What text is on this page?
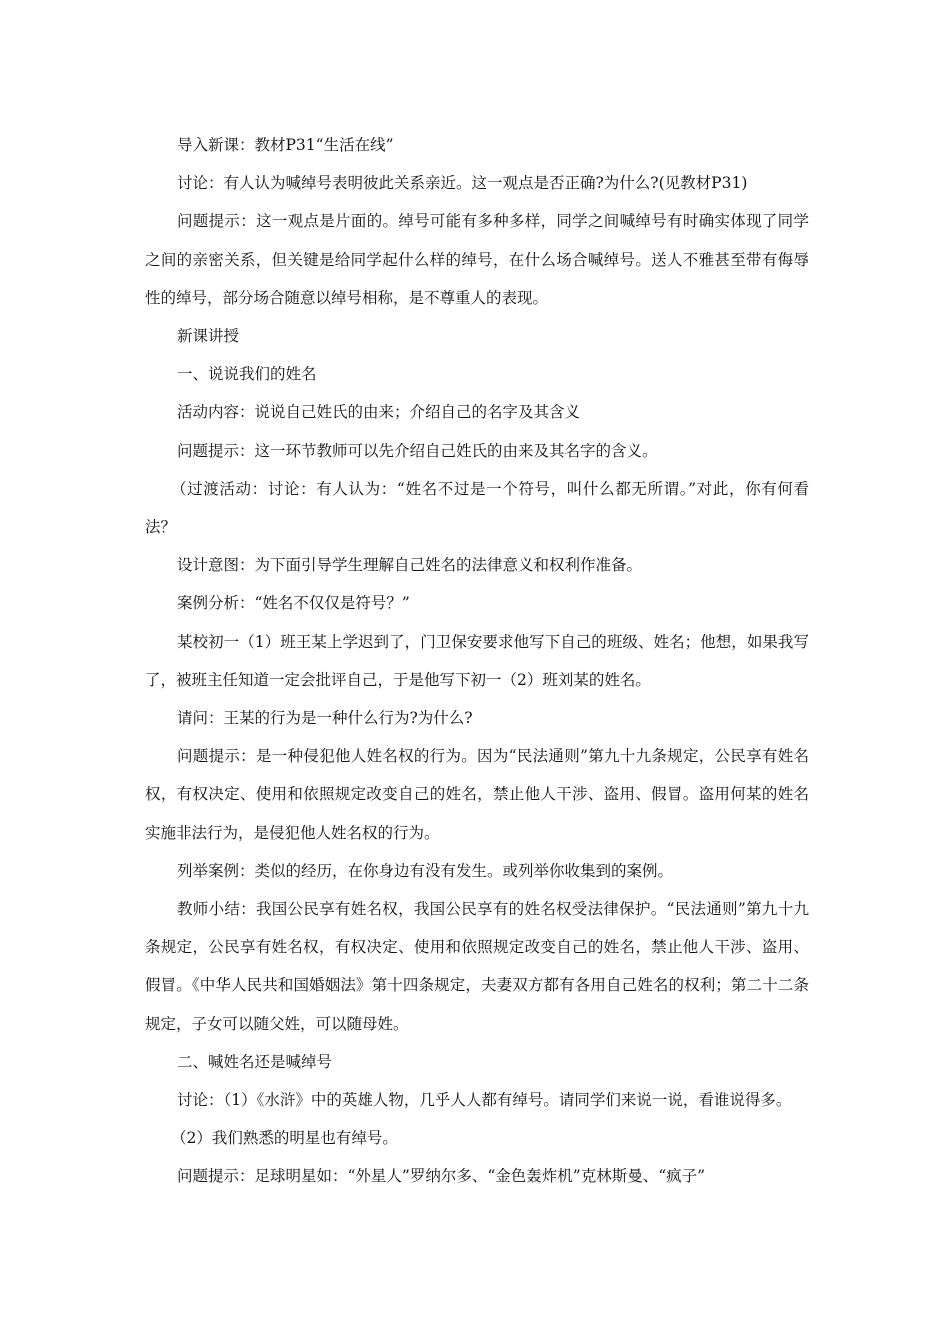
导入新课：教材P31“生活在线”

讨论：有人认为喊绰号表明彼此关系亲近。这一观点是否正确?为什么?(见教材P31)

问题提示：这一观点是片面的。绰号可能有多种多样，同学之间喊绰号有时确实体现了同学之间的亲密关系，但关键是给同学起什么样的绰号，在什么场合喊绰号。送人不雅甚至带有侮辱性的绰号，部分场合随意以绰号相称，是不尊重人的表现。

新课讲授

一、说说我们的姓名

活动内容：说说自己姓氏的由来；介绍自己的名字及其含义

问题提示：这一环节教师可以先介绍自己姓氏的由来及其名字的含义。

（过渡活动：讨论：有人认为：“姓名不过是一个符号，叫什么都无所谓。”对此，你有何看法？

设计意图：为下面引导学生理解自己姓名的法律意义和权利作准备。

案例分析：“姓名不仅仅是符号？”

某校初一（1）班王某上学迟到了，门卫保安要求他写下自己的班级、姓名；他想，如果我写了，被班主任知道一定会批评自己，于是他写下初一（2）班刘某的姓名。

请问：王某的行为是一种什么行为?为什么?

问题提示：是一种侵犯他人姓名权的行为。因为“民法通则”第九十九条规定，公民享有姓名权，有权决定、使用和依照规定改变自己的姓名，禁止他人干涉、盗用、假冒。盗用何某的姓名实施非法行为，是侵犯他人姓名权的行为。

列举案例：类似的经历，在你身边有没有发生。或列举你收集到的案例。

教师小结：我国公民享有姓名权，我国公民享有的姓名权受法律保护。“民法通则”第九十九条规定，公民享有姓名权，有权决定、使用和依照规定改变自己的姓名，禁止他人干涉、盗用、假冒。《中华人民共和国婚姻法》第十四条规定，夫妻双方都有各用自己姓名的权利；第二十二条规定，子女可以随父姓，可以随母姓。

二、喊姓名还是喊绰号

讨论：（1）《水浒》中的英雄人物，几乎人人都有绰号。请同学们来说一说，看谁说得多。

（2）我们熟悉的明星也有绰号。

问题提示：足球明星如：“外星人”罗纳尔多、“金色轰炸机”克林斯曼、“疯子”
